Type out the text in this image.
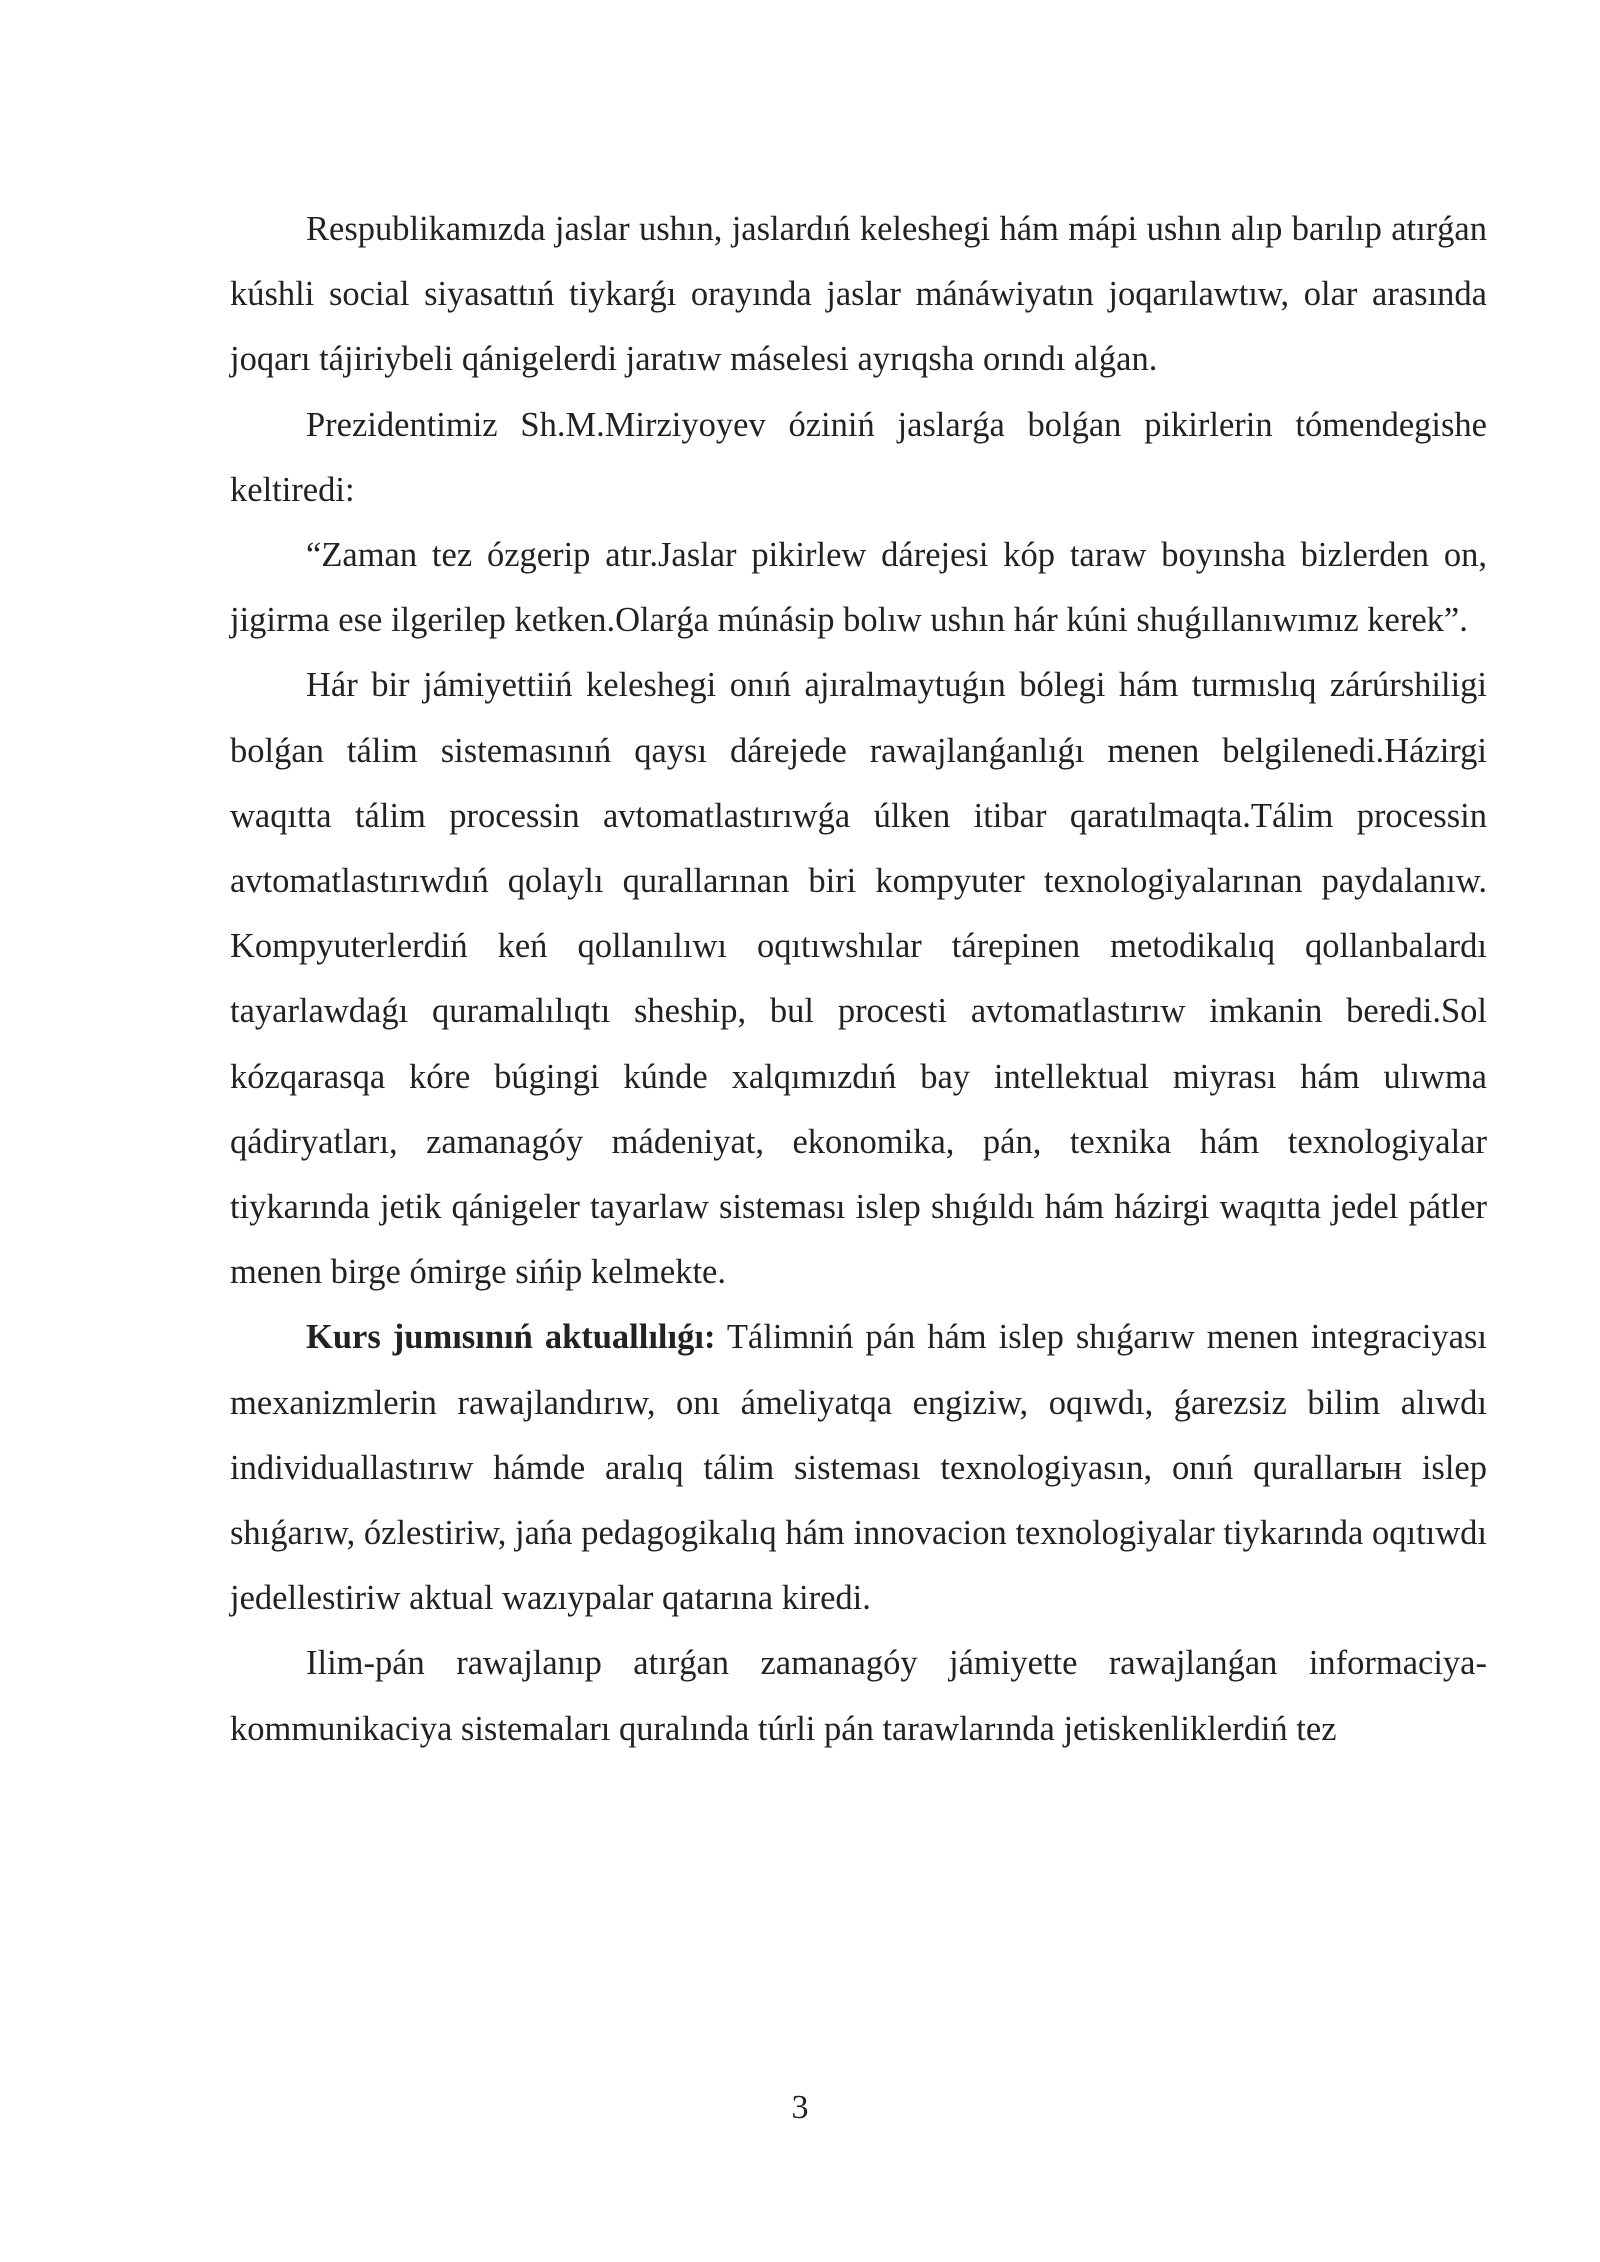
Respublikamızda jaslar ushın, jaslardıń keleshegi hám mápi ushın alıp barılıp atırǵan kúshli social siyasattıń tiykarǵı orayında jaslar mánáwiyatın joqarılawtıw, olar arasında joqarı tájiriybeli qánigelerdi jaratıw máselesi ayrıqsha orındı alǵan.

Prezidentimiz Sh.M.Mirziyoyev óziniń jaslarǵa bolǵan pikirlerin tómendegishe keltiredi:

“Zaman tez ózgerip atır.Jaslar pikirlew dárejesi kóp taraw boyınsha bizlerden on, jigirma ese ilgerilep ketken.Olarǵa múnásip bolıw ushın hár kúni shuǵıllanıwımız kerek”.

Hár bir jámiyettiiń keleshegi onıń ajıralmaytuǵın bólegi hám turmıslıq zárúrshiligi bolǵan tálim sistemasınıń qaysı dárejede rawajlanǵanlıǵı menen belgilenedi.Házirgi waqıtta tálim processin avtomatlastırıwǵa úlken itibar qaratılmaqta.Tálim processin avtomatlastırıwdıń qolaylı qurallarınan biri kompyuter texnologiyalarınan paydalanıw. Kompyuterlerdiń keń qollanılıwı oqıtıwshılar tárepinen metodikalıq qollanbalardı tayarlawdaǵı quramalılıqtı sheship, bul procesti avtomatlastırıw imkanin beredi.Sol kózqarasqa kóre búgingi kúnde xalqımızdıń bay intellektual miyrası hám ulıwma qádiryatları, zamanagóy mádeniyat, ekonomika, pán, texnika hám texnologiyalar tiykarında jetik qánigeler tayarlaw sisteması islep shıǵıldı hám házirgi waqıtta jedel pátler menen birge ómirge sińip kelmekte.

Kurs jumısınıń aktuallılıǵı: Tálimniń pán hám islep shıǵarıw menen integraciyası mexanizmlerin rawajlandırıw, onı ámeliyatqa engiziw, oqıwdı, ǵarezsiz bilim alıwdı individuallastırıw hámde aralıq tálim sisteması texnologiyasın, onıń qurallarын islep shıǵarıw, ózlestiriw, jańa pedagogikalıq hám innovacion texnologiyalar tiykarında oqıtıwdı jedellestiriw aktual wazıypalar qatarına kiredi.

Ilim-pán rawajlanıp atırǵan zamanagóy jámiyette rawajlanǵan informaciya-kommunikaciya sistemaları quralında túrli pán tarawlarında jetiskenliklerdiń tez

3
